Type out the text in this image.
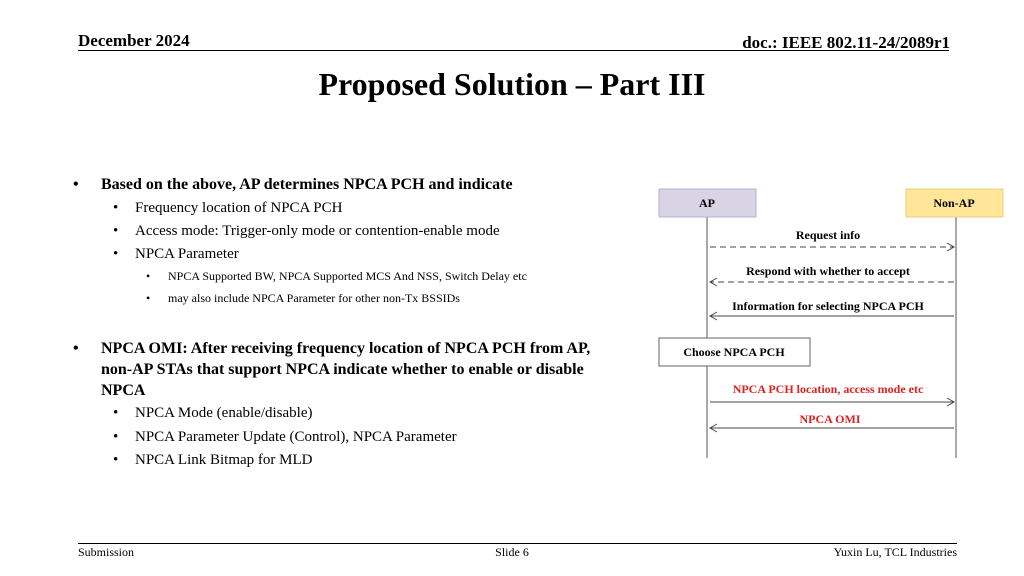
December 2024	doc.: IEEE 802.11-24/2089r1
Proposed Solution – Part III
• Based on the above, AP determines NPCA PCH and indicate
• Frequency location of NPCA PCH
• Access mode: Trigger-only mode or contention-enable mode
• NPCA Parameter
• NPCA Supported BW, NPCA Supported MCS And NSS, Switch Delay etc
• may also include NPCA Parameter for other non-Tx BSSIDs
• NPCA OMI: After receiving frequency location of NPCA PCH from AP,
non-AP STAs that support NPCA indicate whether to enable or disable
NPCA
• NPCA Mode (enable/disable)
• NPCA Parameter Update (Control), NPCA Parameter
• NPCA Link Bitmap for MLD
AP	Non-AP
Request info
Respond with whether to accept
Information for selecting NPCA PCH
Choose NPCA PCH
NPCA PCH location, access mode etc
NPCA OMI
Submission	Slide 6	Yuxin Lu, TCL Industries
